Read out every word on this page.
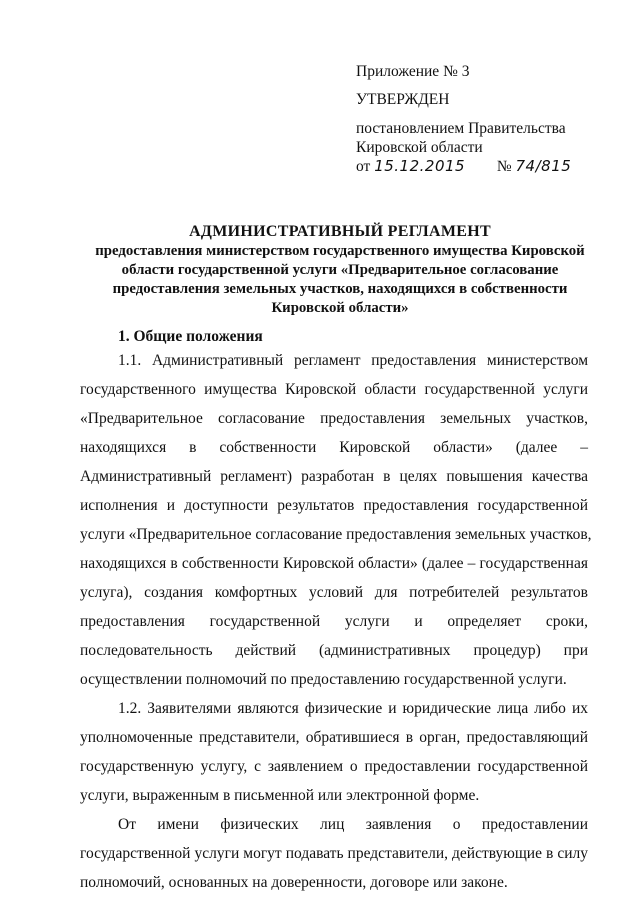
Приложение № 3
УТВЕРЖДЕН
постановлением Правительства
Кировской области
от 15.12.2015 № 74/815
АДМИНИСТРАТИВНЫЙ РЕГЛАМЕНТ
предоставления министерством государственного имущества Кировской
области государственной услуги «Предварительное согласование
предоставления земельных участков, находящихся в собственности
Кировской области»
1. Общие положения

1.1. Административный регламент предоставления министерством
государственного имущества Кировской области государственной услуги
«Предварительное согласование предоставления земельных участков,
находящихся в собственности Кировской области» (далее –
Административный регламент) разработан в целях повышения качества
исполнения и доступности результатов предоставления государственной
услуги «Предварительное согласование предоставления земельных участков,
находящихся в собственности Кировской области» (далее – государственная
услуга), создания комфортных условий для потребителей результатов
предоставления государственной услуги и определяет сроки,
последовательность действий (административных процедур) при
осуществлении полномочий по предоставлению государственной услуги.

1.2. Заявителями являются физические и юридические лица либо их
уполномоченные представители, обратившиеся в орган, предоставляющий
государственную услугу, с заявлением о предоставлении государственной
услуги, выраженным в письменной или электронной форме.

От имени физических лиц заявления о предоставлении
государственной услуги могут подавать представители, действующие в силу
полномочий, основанных на доверенности, договоре или законе.
